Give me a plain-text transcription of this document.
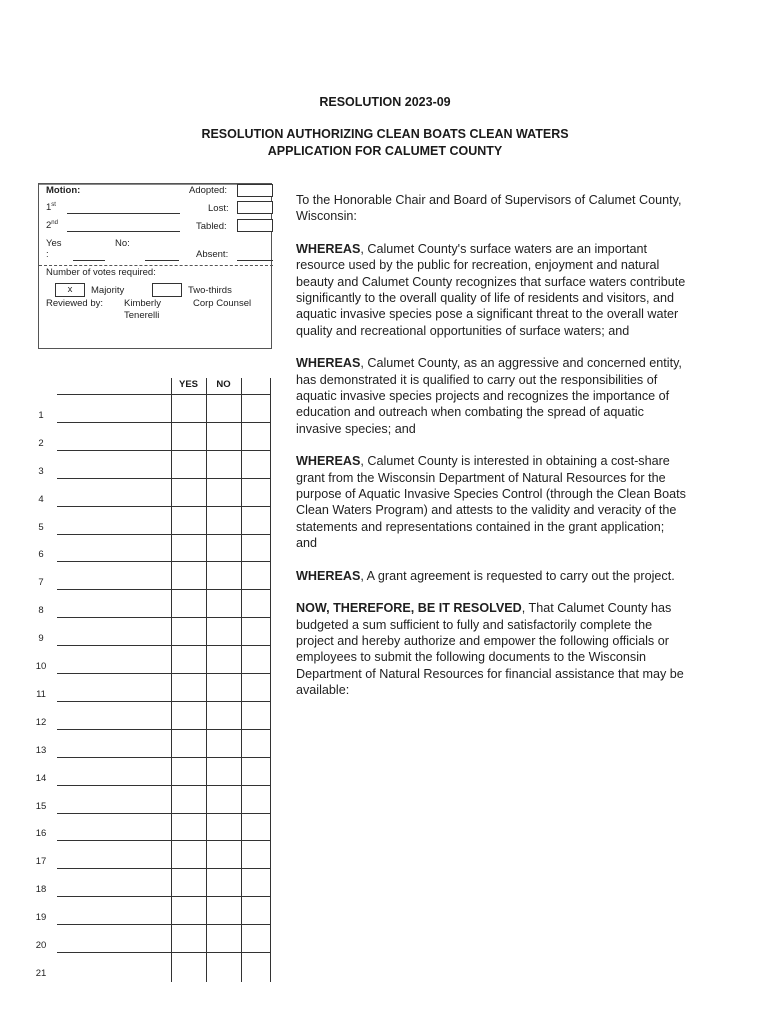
RESOLUTION 2023-09
RESOLUTION AUTHORIZING CLEAN BOATS CLEAN WATERS
APPLICATION FOR CALUMET COUNTY
Motion:
1st
2nd
Adopted:
Lost:
Tabled:
Yes
:
No:
Absent:
Number of votes required:
x	Majority	Two-thirds
Reviewed by: Kimberly
Tenerelli
Corp Counsel
YES	NO
1
2
3
4
5
6
7
8
9
10
11
12
13
14
15
16
17
18
19
20
21

To the Honorable Chair and Board of Supervisors of Calumet County, Wisconsin:

WHEREAS, Calumet County's surface waters are an important resource used by the public for recreation, enjoyment and natural beauty and Calumet County recognizes that surface waters contribute significantly to the overall quality of life of residents and visitors, and aquatic invasive species pose a significant threat to the overall water quality and recreational opportunities of surface waters; and

WHEREAS, Calumet County, as an aggressive and concerned entity, has demonstrated it is qualified to carry out the responsibilities of aquatic invasive species projects and recognizes the importance of education and outreach when combating the spread of aquatic invasive species; and

WHEREAS, Calumet County is interested in obtaining a cost-share grant from the Wisconsin Department of Natural Resources for the purpose of Aquatic Invasive Species Control (through the Clean Boats Clean Waters Program) and attests to the validity and veracity of the statements and representations contained in the grant application; and

WHEREAS, A grant agreement is requested to carry out the project.

NOW, THEREFORE, BE IT RESOLVED, That Calumet County has budgeted a sum sufficient to fully and satisfactorily complete the project and hereby authorize and empower the following officials or employees to submit the following documents to the Wisconsin Department of Natural Resources for financial assistance that may be available:
